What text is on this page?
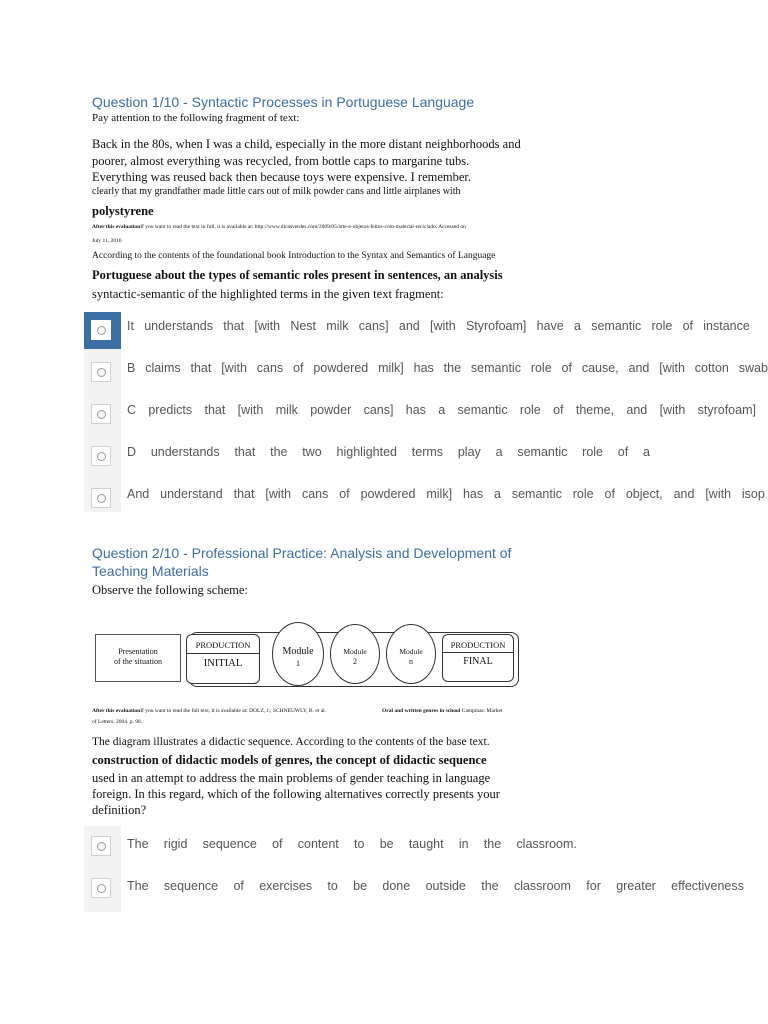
Question 1/10 - Syntactic Processes in Portuguese Language
Pay attention to the following fragment of text:
Back in the 80s, when I was a child, especially in the more distant neighborhoods and
poorer, almost everything was recycled, from bottle caps to margarine tubs.
Everything was reused back then because toys were expensive. I remember.
clearly that my grandfather made little cars out of milk powder cans and little airplanes with
polystyrene
After this evaluationIf you want to read the text in full, it is available at: http://www.dicasverdes.com/2009/05/arte-e-objetos-feitos-com-material-reciclado. Accessed on
July 11, 2016
According to the contents of the foundational book Introduction to the Syntax and Semantics of Language
Portuguese about the types of semantic roles present in sentences, an analysis
syntactic-semantic of the highlighted terms in the given text fragment:
It understands that [with Nest milk cans] and [with Styrofoam] have a semantic role of instance
B claims that [with cans of powdered milk] has the semantic role of cause, and [with cotton swab
C predicts that [with milk powder cans] has a semantic role of theme, and [with styrofoam]
D understands that the two highlighted terms play a semantic role of a
And understand that [with cans of powdered milk] has a semantic role of object, and [with isop
Question 2/10 - Professional Practice: Analysis and Development of
Teaching Materials
Observe the following scheme:
Presentation
of the situation
PRODUCTION
INITIAL
Module
1
Module
2
Module
n
PRODUCTION
FINAL
After this evaluationIf you want to read the full text, it is available at: DOLZ, J.; SCHNEUWLY, B. et al.	Oral and written genres in school Campinas: Market
of Letters, 2004. p. 98.
The diagram illustrates a didactic sequence. According to the contents of the base text.
construction of didactic models of genres, the concept of didactic sequence
used in an attempt to address the main problems of gender teaching in language
foreign. In this regard, which of the following alternatives correctly presents your
definition?
The rigid sequence of content to be taught in the classroom.
The sequence of exercises to be done outside the classroom for greater effectiveness
